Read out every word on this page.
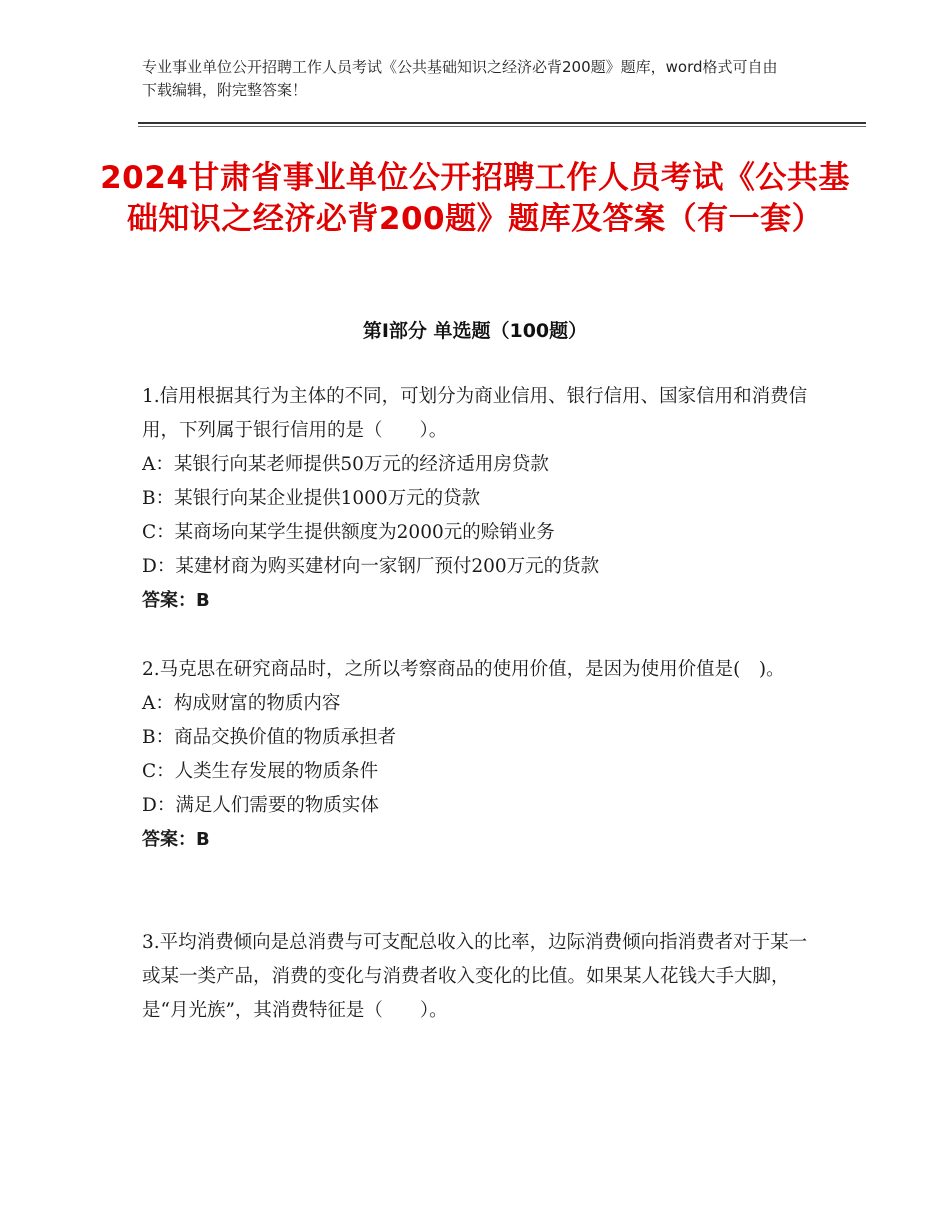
专业事业单位公开招聘工作人员考试《公共基础知识之经济必背200题》题库，word格式可自由下载编辑，附完整答案！
2024甘肃省事业单位公开招聘工作人员考试《公共基础知识之经济必背200题》题库及答案（有一套）
第I部分 单选题（100题）

1.信用根据其行为主体的不同，可划分为商业信用、银行信用、国家信用和消费信用，下列属于银行信用的是（　　）。

A：某银行向某老师提供50万元的经济适用房贷款

B：某银行向某企业提供1000万元的贷款

C：某商场向某学生提供额度为2000元的赊销业务

D：某建材商为购买建材向一家钢厂预付200万元的货款

答案：B

2.马克思在研究商品时，之所以考察商品的使用价值，是因为使用价值是(　)。

A：构成财富的物质内容

B：商品交换价值的物质承担者

C：人类生存发展的物质条件

D：满足人们需要的物质实体

答案：B

3.平均消费倾向是总消费与可支配总收入的比率，边际消费倾向指消费者对于某一或某一类产品，消费的变化与消费者收入变化的比值。如果某人花钱大手大脚，是“月光族”，其消费特征是（　　）。
